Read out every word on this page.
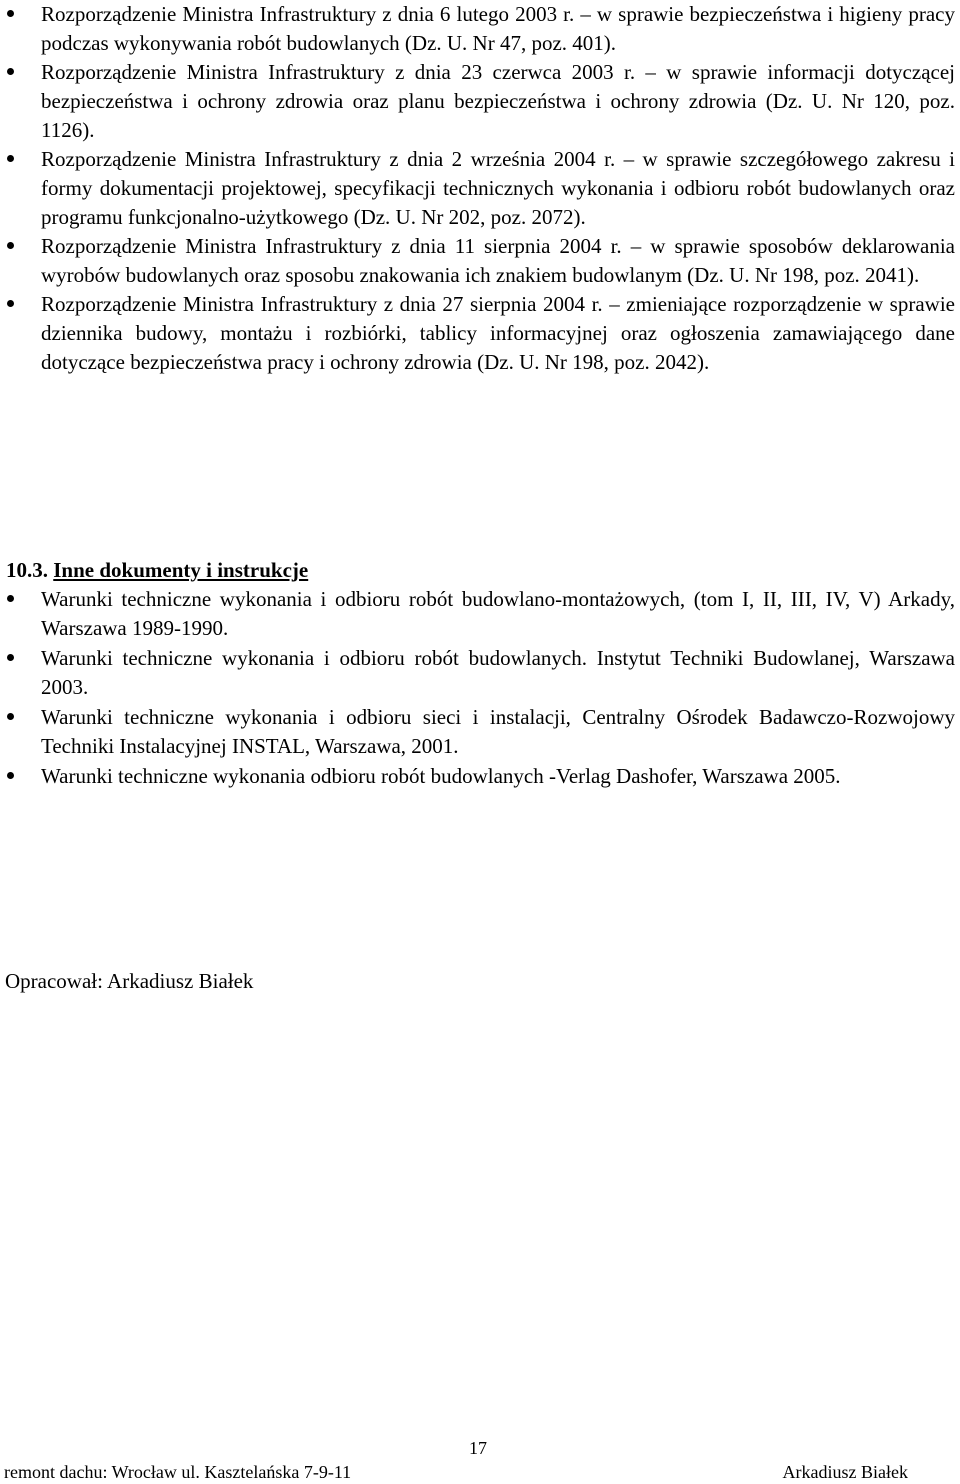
Rozporządzenie Ministra Infrastruktury z dnia 6 lutego 2003 r. – w sprawie bezpieczeństwa i higieny pracy podczas wykonywania robót budowlanych (Dz. U. Nr 47, poz. 401).
Rozporządzenie Ministra Infrastruktury z dnia 23 czerwca 2003 r. – w sprawie informacji dotyczącej bezpieczeństwa i ochrony zdrowia oraz planu bezpieczeństwa i ochrony zdrowia (Dz. U. Nr 120, poz. 1126).
Rozporządzenie Ministra Infrastruktury z dnia 2 września 2004 r. – w sprawie szczegółowego zakresu i formy dokumentacji projektowej, specyfikacji technicznych wykonania i odbioru robót budowlanych oraz programu funkcjonalno-użytkowego (Dz. U. Nr 202, poz. 2072).
Rozporządzenie Ministra Infrastruktury z dnia 11 sierpnia 2004 r. – w sprawie sposobów deklarowania wyrobów budowlanych oraz sposobu znakowania ich znakiem budowlanym (Dz. U. Nr 198, poz. 2041).
Rozporządzenie Ministra Infrastruktury z dnia 27 sierpnia 2004 r. – zmieniające rozporządzenie w sprawie dziennika budowy, montażu i rozbiórki, tablicy informacyjnej oraz ogłoszenia zamawiającego dane dotyczące bezpieczeństwa pracy i ochrony zdrowia (Dz. U. Nr 198, poz. 2042).
10.3. Inne dokumenty i instrukcje
Warunki techniczne wykonania i odbioru robót budowlano-montażowych, (tom I, II, III, IV, V) Arkady, Warszawa 1989-1990.
Warunki techniczne wykonania i odbioru robót budowlanych. Instytut Techniki Budowlanej, Warszawa 2003.
Warunki techniczne wykonania i odbioru sieci i instalacji, Centralny Ośrodek Badawczo-Rozwojowy Techniki Instalacyjnej INSTAL, Warszawa, 2001.
Warunki techniczne wykonania odbioru robót budowlanych -Verlag Dashofer, Warszawa 2005.
Opracował: Arkadiusz Białek
17
remont dachu: Wrocław ul. Kasztelańska 7-9-11	Arkadiusz Białek
